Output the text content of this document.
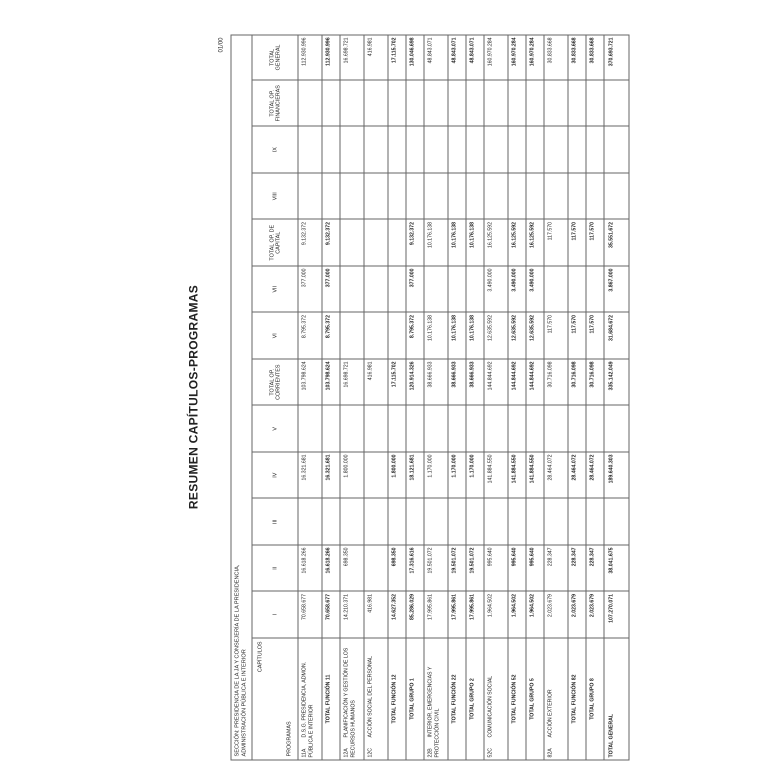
RESUMEN CAPÍTULOS-PROGRAMAS
01/00
SECCIÓN: PRESIDENCIA DE LA JA Y CONSEJERÍA DE LA PRESIDENCIA, ADMINISTRACIÓN PÚBLICA E INTERIOR													

CAPÍTULOS
PROGRAMAS	I	II	III	IV	V	TOTAL OP. CORRIENTES	VI	VII	TOTAL OP. DE CAPITAL	VIII	IX	TOTAL OP. FINANCIERAS	TOTAL GENERAL
11AD.S.G. PRESIDENCIA, ADMON. PÚBLICA E INTERIOR	70.658.677	16.618.266		16.321.681		103.798.624	8.795.372	377.000	9.132.372				112.930.996

TOTAL FUNCIÓN 11	70.658.677	16.618.266		16.321.681		103.798.624	8.795.372	377.000	9.132.372				112.930.996
12APLANIFICACIÓN Y GESTIÓN DE LOS RECURSOS HUMANOS	14.210.371	698.350		1.800.000		16.698.721							16.698.721
12CACCIÓN SOCIAL DEL PERSONAL	416.981					416.981							416.981

TOTAL FUNCIÓN 12	14.627.352	698.350		1.800.000		17.115.702							17.115.702

TOTAL GRUPO 1	85.286.029	17.316.616		18.121.681		120.914.326	8.795.372	377.000	9.132.372				130.046.698
22BINTERIOR, EMERGENCIAS Y PROTECCIÓN CIVIL	17.995.861	19.501.072		1.170.000		38.666.933	10.176.138		10.176.138				48.843.071

TOTAL FUNCIÓN 22	17.995.861	19.501.072		1.170.000		38.666.933	10.176.138		10.176.138				48.843.071

TOTAL GRUPO 2	17.995.861	19.501.072		1.170.000		38.666.933	10.176.138		10.176.138				48.843.071
52CCOMUNICACIÓN SOCIAL	1.964.502	995.640		141.884.550		144.844.692	12.635.592	3.490.000	16.125.592				160.970.284

TOTAL FUNCIÓN 52	1.964.502	995.640		141.884.550		144.844.692	12.635.592	3.490.000	16.125.592				160.970.284

TOTAL GRUPO 5	1.964.502	995.640		141.884.550		144.844.692	12.635.592	3.490.000	16.125.592				160.970.284
82AACCIÓN EXTERIOR	2.023.679	228.347		28.464.072		30.716.098	117.570		117.570				30.833.668

TOTAL FUNCIÓN 82	2.023.679	228.347		28.464.072		30.716.098	117.570		117.570				30.833.668

TOTAL GRUPO 8	2.023.679	228.347		28.464.072		30.716.098	117.570		117.570				30.833.668
TOTAL GENERAL	107.270.071	38.041.675		189.640.303		335.142.049	31.684.672	3.867.000	35.551.672				370.693.721
